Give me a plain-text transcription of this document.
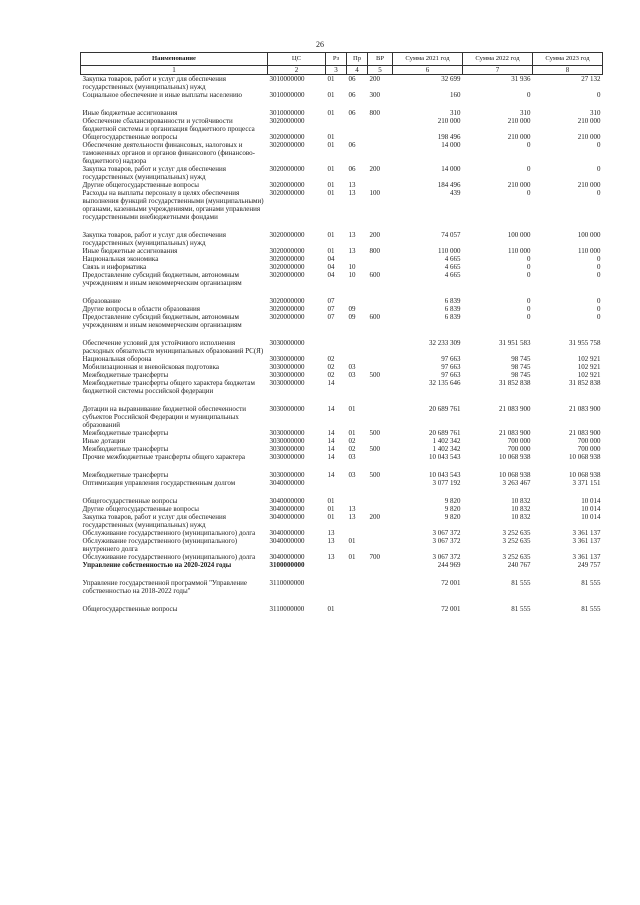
26
Наименование	ЦС	Рз	Пр	ВР	Сумма 2021 год	Сумма 2022 год	Сумма 2023 год
1	2	3	4	5	6	7	8
Закупка товаров, работ и услуг для обеспечения государственных (муниципальных) нужд	3010000000	01	06	200	32 699	31 936	27 132
Социальное обеспечение и иные выплаты населению	3010000000	01	06	300	160	0	0

Иные бюджетные ассигнования	3010000000	01	06	800	310	310	310
Обеспечение сбалансированности и устойчивости бюджетной системы и организация бюджетного процесса	3020000000				210 000	210 000	210 000
Общегосударственные вопросы	3020000000	01			198 496	210 000	210 000
Обеспечение деятельности финансовых, налоговых и таможенных органов и органов финансового (финансово-бюджетного) надзора	3020000000	01	06		14 000	0	0
Закупка товаров, работ и услуг для обеспечения государственных (муниципальных) нужд	3020000000	01	06	200	14 000	0	0
Другие общегосударственные вопросы	3020000000	01	13		184 496	210 000	210 000
Расходы на выплаты персоналу в целях обеспечения выполнения функций государственными (муниципальными) органами, казенными учреждениями, органами управления государственными внебюджетными фондами	3020000000	01	13	100	439	0	0

Закупка товаров, работ и услуг для обеспечения государственных (муниципальных) нужд	3020000000	01	13	200	74 057	100 000	100 000
Иные бюджетные ассигнования	3020000000	01	13	800	110 000	110 000	110 000
Национальная экономика	3020000000	04			4 665	0	0
Связь и информатика	3020000000	04	10		4 665	0	0
Предоставление субсидий бюджетным, автономным учреждениям и иным некоммерческим организациям	3020000000	04	10	600	4 665	0	0

Образование	3020000000	07			6 839	0	0
Другие вопросы в области образования	3020000000	07	09		6 839	0	0
Предоставление субсидий бюджетным, автономным учреждениям и иным некоммерческим организациям	3020000000	07	09	600	6 839	0	0

Обеспечение условий для устойчивого исполнения расходных обязательств муниципальных образований РС(Я)	3030000000				32 233 309	31 951 583	31 955 758
Национальная оборона	3030000000	02			97 663	98 745	102 921
Мобилизационная и вневойсковая подготовка	3030000000	02	03		97 663	98 745	102 921
Межбюджетные трансферты	3030000000	02	03	500	97 663	98 745	102 921
Межбюджетные трансферты общего характера бюджетам бюджетной системы российской федерации	3030000000	14			32 135 646	31 852 838	31 852 838

Дотации на выравнивание бюджетной обеспеченности субъектов Российской Федерации и муниципальных образований	3030000000	14	01		20 689 761	21 083 900	21 083 900
Межбюджетные трансферты	3030000000	14	01	500	20 689 761	21 083 900	21 083 900
Иные дотации	3030000000	14	02		1 402 342	700 000	700 000
Межбюджетные трансферты	3030000000	14	02	500	1 402 342	700 000	700 000
Прочие межбюджетные трансферты общего характера	3030000000	14	03		10 043 543	10 068 938	10 068 938

Межбюджетные трансферты	3030000000	14	03	500	10 043 543	10 068 938	10 068 938
Оптимизация управления государственным долгом	3040000000				3 077 192	3 263 467	3 371 151

Общегосударственные вопросы	3040000000	01			9 820	10 832	10 014
Другие общегосударственные вопросы	3040000000	01	13		9 820	10 832	10 014
Закупка товаров, работ и услуг для обеспечения государственных (муниципальных) нужд	3040000000	01	13	200	9 820	10 832	10 014
Обслуживание государственного (муниципального) долга	3040000000	13			3 067 372	3 252 635	3 361 137
Обслуживание государственного (муниципального) внутреннего долга	3040000000	13	01		3 067 372	3 252 635	3 361 137
Обслуживание государственного (муниципального) долга	3040000000	13	01	700	3 067 372	3 252 635	3 361 137
Управление собственностью на 2020-2024 годы	3100000000				244 969	240 767	249 757

Управление государственной программой "Управление собственностью на 2018-2022 годы"	3110000000				72 001	81 555	81 555

Общегосударственные вопросы	3110000000	01			72 001	81 555	81 555
